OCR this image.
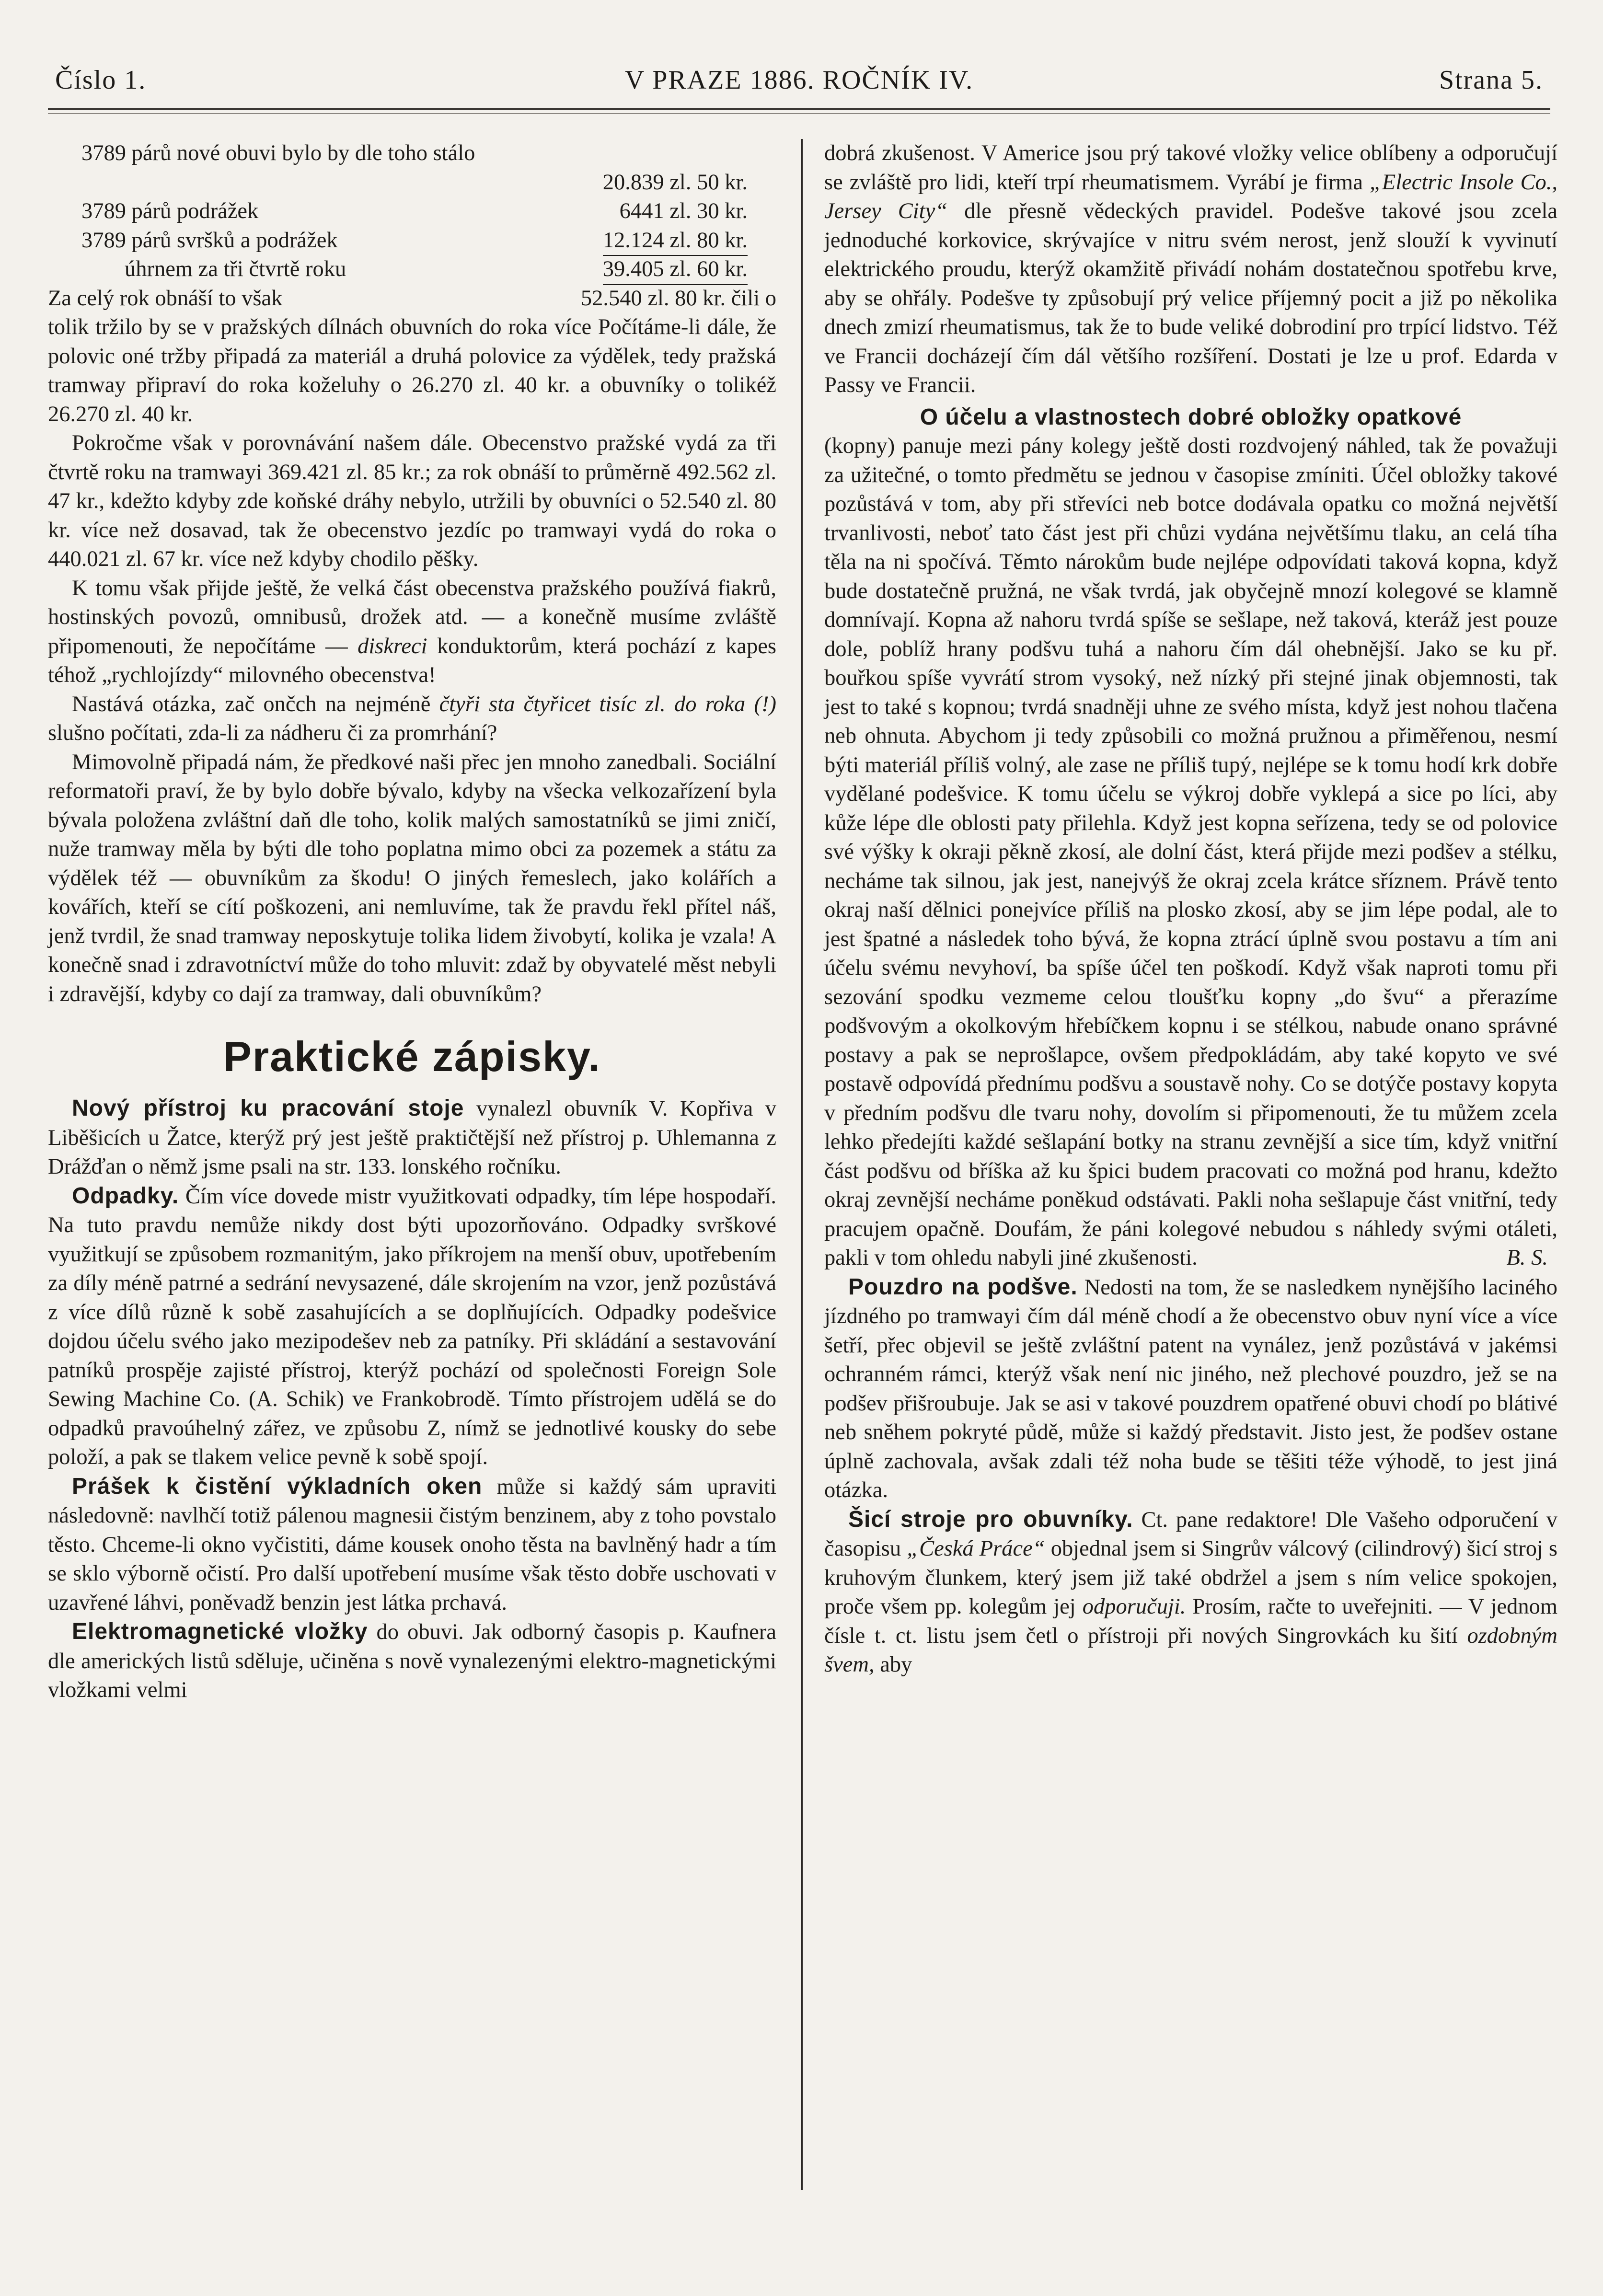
Číslo 1.	V PRAZE 1886. ROČNÍK IV.	Strana 5.
3789 párů nové obuvi bylo by dle toho stálo
20.839 zl. 50 kr.
3789 párů podrážek	6441 zl. 30 kr.
3789 párů svršků a podrážek	12.124 zl. 80 kr.
úhrnem za tři čtvrtě roku	39.405 zl. 60 kr.
Za celý rok obnáší to však	52.540 zl. 80 kr. čili o

tolik tržilo by se v pražských dílnách obuvních do roka více Počítáme-li dále, že polovic oné tržby připadá za materiál a druhá polovice za výdělek, tedy pražská tramway připraví do roka koželuhy o 26.270 zl. 40 kr. a obuvníky o tolikéž 26.270 zl. 40 kr.

Pokročme však v porovnávání našem dále. Obecenstvo pražské vydá za tři čtvrtě roku na tramwayi 369.421 zl. 85 kr.; za rok obnáší to průměrně 492.562 zl. 47 kr., kdežto kdyby zde koňské dráhy nebylo, utržili by obuvníci o 52.540 zl. 80 kr. více než dosavad, tak že obecenstvo jezdíc po tramwayi vydá do roka o 440.021 zl. 67 kr. více než kdyby chodilo pěšky.

K tomu však přijde ještě, že velká část obecenstva pražského používá fiakrů, hostinských povozů, omnibusů, drožek atd. — a konečně musíme zvláště připomenouti, že nepočítáme — diskreci konduktorům, která pochází z kapes téhož „rychlojízdy“ milovného obecenstva!

Nastává otázka, zač ončch na nejméně čtyři sta čtyřicet tisíc zl. do roka (!) slušno počítati, zda-li za nádheru či za promrhání?

Mimovolně připadá nám, že předkové naši přec jen mnoho zanedbali. Sociální reformatoři praví, že by bylo dobře bývalo, kdyby na všecka velkozařízení byla bývala položena zvláštní daň dle toho, kolik malých samostatníků se jimi zničí, nuže tramway měla by býti dle toho poplatna mimo obci za pozemek a státu za výdělek též — obuvníkům za škodu! O jiných řemeslech, jako kolářích a kovářích, kteří se cítí poškozeni, ani nemluvíme, tak že pravdu řekl přítel náš, jenž tvrdil, že snad tramway neposkytuje tolika lidem živobytí, kolika je vzala! A konečně snad i zdravotníctví může do toho mluvit: zdaž by obyvatelé měst nebyli i zdravější, kdyby co dají za tramway, dali obuvníkům?

Praktické zápisky.

Nový přístroj ku pracování stoje vynalezl obuvník V. Kopřiva v Liběšicích u Žatce, kterýž prý jest ještě praktičtější než přístroj p. Uhlemanna z Drážďan o němž jsme psali na str. 133. lonského ročníku.

Odpadky. Čím více dovede mistr využitkovati odpadky, tím lépe hospodaří. Na tuto pravdu nemůže nikdy dost býti upozorňováno. Odpadky svrškové využitkují se způsobem rozmanitým, jako příkrojem na menší obuv, upotřebením za díly méně patrné a sedrání nevysazené, dále skrojením na vzor, jenž pozůstává z více dílů různě k sobě zasahujících a se doplňujících. Odpadky podešvice dojdou účelu svého jako mezipodešev neb za patníky. Při skládání a sestavování patníků prospěje zajisté přístroj, kterýž pochází od společnosti Foreign Sole Sewing Machine Co. (A. Schik) ve Frankobrodě. Tímto přístrojem udělá se do odpadků pravoúhelný zářez, ve způsobu Z, nímž se jednotlivé kousky do sebe položí, a pak se tlakem velice pevně k sobě spojí.

Prášek k čistění výkladních oken může si každý sám upraviti následovně: navlhčí totiž pálenou magnesii čistým benzinem, aby z toho povstalo těsto. Chceme-li okno vyčistiti, dáme kousek onoho těsta na bavlněný hadr a tím se sklo výborně očistí. Pro další upotřebení musíme však těsto dobře uschovati v uzavřené láhvi, poněvadž benzin jest látka prchavá.

Elektromagnetické vložky do obuvi. Jak odborný časopis p. Kaufnera dle amerických listů sděluje, učiněna s nově vynalezenými elektro-magnetickými vložkami velmi

dobrá zkušenost. V Americe jsou prý takové vložky velice oblíbeny a odporučují se zvláště pro lidi, kteří trpí rheumatismem. Vyrábí je firma „Electric Insole Co., Jersey City“ dle přesně vědeckých pravidel. Podešve takové jsou zcela jednoduché korkovice, skrývajíce v nitru svém nerost, jenž slouží k vyvinutí elektrického proudu, kterýž okamžitě přivádí nohám dostatečnou spotřebu krve, aby se ohřály. Podešve ty způsobují prý velice příjemný pocit a již po několika dnech zmizí rheumatismus, tak že to bude veliké dobrodiní pro trpící lidstvo. Též ve Francii docházejí čím dál většího rozšíření. Dostati je lze u prof. Edarda v Passy ve Francii.

O účelu a vlastnostech dobré obložky opatkové

(kopny) panuje mezi pány kolegy ještě dosti rozdvojený náhled, tak že považuji za užitečné, o tomto předmětu se jednou v časopise zmíniti. Účel obložky takové pozůstává v tom, aby při střevíci neb botce dodávala opatku co možná největší trvanlivosti, neboť tato část jest při chůzi vydána největšímu tlaku, an celá tíha těla na ni spočívá. Těmto nárokům bude nejlépe odpovídati taková kopna, když bude dostatečně pružná, ne však tvrdá, jak obyčejně mnozí kolegové se klamně domnívají. Kopna až nahoru tvrdá spíše se sešlape, než taková, kteráž jest pouze dole, poblíž hrany podšvu tuhá a nahoru čím dál ohebnější. Jako se ku př. bouřkou spíše vyvrátí strom vysoký, než nízký při stejné jinak objemnosti, tak jest to také s kopnou; tvrdá snadněji uhne ze svého místa, když jest nohou tlačena neb ohnuta. Abychom ji tedy způsobili co možná pružnou a přiměřenou, nesmí býti materiál příliš volný, ale zase ne příliš tupý, nejlépe se k tomu hodí krk dobře vydělané podešvice. K tomu účelu se výkroj dobře vyklepá a sice po líci, aby kůže lépe dle oblosti paty přilehla. Když jest kopna seřízena, tedy se od polovice své výšky k okraji pěkně zkosí, ale dolní část, která přijde mezi podšev a stélku, necháme tak silnou, jak jest, nanejvýš že okraj zcela krátce sříznem. Právě tento okraj naší dělnici ponejvíce příliš na plosko zkosí, aby se jim lépe podal, ale to jest špatné a následek toho bývá, že kopna ztrácí úplně svou postavu a tím ani účelu svému nevyhoví, ba spíše účel ten poškodí. Když však naproti tomu při sezování spodku vezmeme celou tloušťku kopny „do švu“ a přerazíme podšvovým a okolkovým hřebíčkem kopnu i se stélkou, nabude onano správné postavy a pak se neprošlapce, ovšem předpokládám, aby také kopyto ve své postavě odpovídá přednímu podšvu a soustavě nohy. Co se dotýče postavy kopyta v předním podšvu dle tvaru nohy, dovolím si připomenouti, že tu můžem zcela lehko předejíti každé sešlapání botky na stranu zevnější a sice tím, když vnitřní část podšvu od bříška až ku špici budem pracovati co možná pod hranu, kdežto okraj zevnější necháme poněkud odstávati. Pakli noha sešlapuje část vnitřní, tedy pracujem opačně. Doufám, že páni kolegové nebudou s náhledy svými otáleti, pakli v tom ohledu nabyli jiné zkušenosti.	B. S.

Pouzdro na podšve. Nedosti na tom, že se nasledkem nynějšího laciného jízdného po tramwayi čím dál méně chodí a že obecenstvo obuv nyní více a více šetří, přec objevil se ještě zvláštní patent na vynález, jenž pozůstává v jakémsi ochranném rámci, kterýž však není nic jiného, než plechové pouzdro, jež se na podšev přišroubuje. Jak se asi v takové pouzdrem opatřené obuvi chodí po blátivé neb sněhem pokryté půdě, může si každý představit. Jisto jest, že podšev ostane úplně zachovala, avšak zdali též noha bude se těšiti téže výhodě, to jest jiná otázka.

Šicí stroje pro obuvníky. Ct. pane redaktore! Dle Vašeho odporučení v časopisu „Česká Práce“ objednal jsem si Singrův válcový (cilindrový) šicí stroj s kruhovým člunkem, který jsem již také obdržel a jsem s ním velice spokojen, proče všem pp. kolegům jej odporučuji. Prosím, račte to uveřejniti. — V jednom čísle t. ct. listu jsem četl o přístroji při nových Singrovkách ku šití ozdobným švem, aby
